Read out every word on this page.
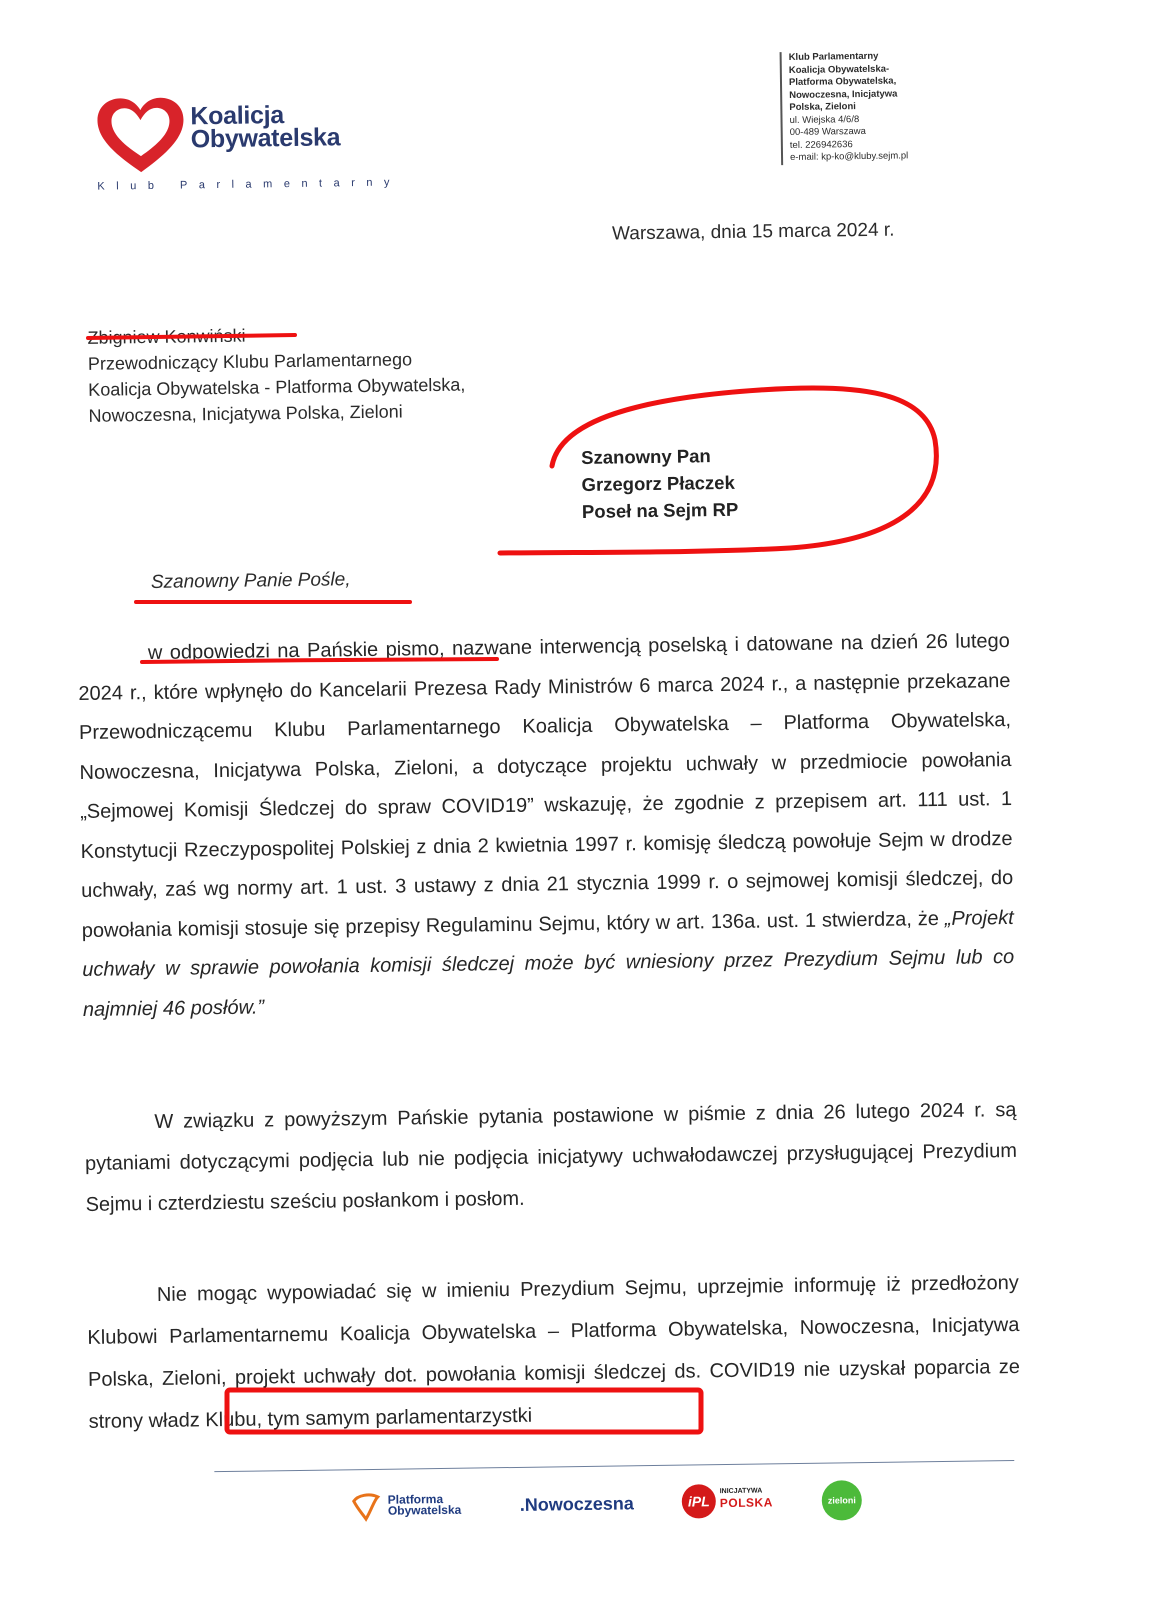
Koalicja
Obywatelska
Klub Parlamentarny
Klub Parlamentarny
Koalicja Obywatelska-
Platforma Obywatelska,
Nowoczesna, Inicjatywa
Polska, Zieloni
ul. Wiejska 4/6/8
00-489 Warszawa
tel. 226942636
e-mail: kp-ko@kluby.sejm.pl
Warszawa, dnia 15 marca 2024 r.
Zbigniew Konwiński
Przewodniczący Klubu Parlamentarnego
Koalicja Obywatelska - Platforma Obywatelska,
Nowoczesna, Inicjatywa Polska, Zieloni
Szanowny Pan
Grzegorz Płaczek
Poseł na Sejm RP
Szanowny Panie Pośle,
w odpowiedzi na Pańskie pismo, nazwane interwencją poselską i datowane na dzień 26 lutego 2024 r., które wpłynęło do Kancelarii Prezesa Rady Ministrów 6 marca 2024 r., a następnie przekazane Przewodniczącemu Klubu Parlamentarnego Koalicja Obywatelska – Platforma Obywatelska, Nowoczesna, Inicjatywa Polska, Zieloni, a dotyczące projektu uchwały w przedmiocie powołania „Sejmowej Komisji Śledczej do spraw COVID19” wskazuję, że zgodnie z przepisem art. 111 ust. 1 Konstytucji Rzeczypospolitej Polskiej z dnia 2 kwietnia 1997 r. komisję śledczą powołuje Sejm w drodze uchwały, zaś wg normy art. 1 ust. 3 ustawy z dnia 21 stycznia 1999 r. o sejmowej komisji śledczej, do powołania komisji stosuje się przepisy Regulaminu Sejmu, który w art. 136a. ust. 1 stwierdza, że „Projekt uchwały w sprawie powołania komisji śledczej może być wniesiony przez Prezydium Sejmu lub co najmniej 46 posłów.”
W związku z powyższym Pańskie pytania postawione w piśmie z dnia 26 lutego 2024 r. są pytaniami dotyczącymi podjęcia lub nie podjęcia inicjatywy uchwałodawczej przysługującej Prezydium Sejmu i czterdziestu sześciu posłankom i posłom.
Nie mogąc wypowiadać się w imieniu Prezydium Sejmu, uprzejmie informuję iż przedłożony Klubowi Parlamentarnemu Koalicja Obywatelska – Platforma Obywatelska, Nowoczesna, Inicjatywa Polska, Zieloni, projekt uchwały dot. powołania komisji śledczej ds. COVID19 nie uzyskał poparcia ze strony władz Klubu, tym samym parlamentarzystki
Platforma
Obywatelska	.Nowoczesna	iPL
INICJATYWA
POLSKA	zieloni
